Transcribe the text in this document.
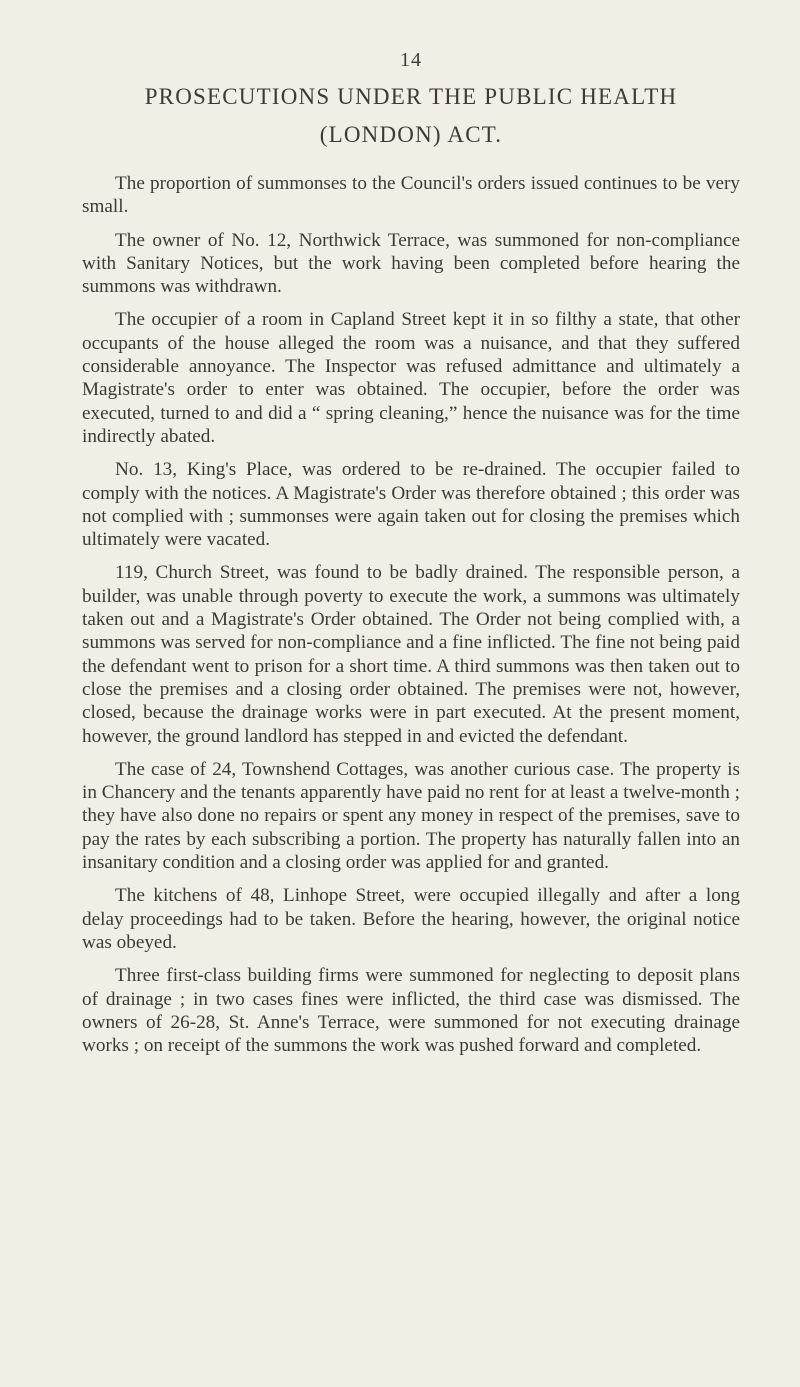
14
PROSECUTIONS UNDER THE PUBLIC HEALTH
(LONDON) ACT.

The proportion of summonses to the Council's orders issued continues to be very small.

The owner of No. 12, Northwick Terrace, was summoned for non-compliance with Sanitary Notices, but the work having been completed before hearing the summons was withdrawn.

The occupier of a room in Capland Street kept it in so filthy a state, that other occupants of the house alleged the room was a nuisance, and that they suffered considerable annoyance. The Inspector was refused admittance and ultimately a Magistrate's order to enter was obtained. The occupier, before the order was executed, turned to and did a “ spring cleaning,” hence the nuisance was for the time indirectly abated.

No. 13, King's Place, was ordered to be re-drained. The occupier failed to comply with the notices. A Magistrate's Order was therefore obtained ; this order was not complied with ; summonses were again taken out for closing the premises which ultimately were vacated.

119, Church Street, was found to be badly drained. The responsible person, a builder, was unable through poverty to execute the work, a summons was ultimately taken out and a Magistrate's Order obtained. The Order not being complied with, a summons was served for non-compliance and a fine inflicted. The fine not being paid the defendant went to prison for a short time. A third summons was then taken out to close the premises and a closing order obtained. The premises were not, however, closed, because the drainage works were in part executed. At the present moment, however, the ground landlord has stepped in and evicted the defendant.

The case of 24, Townshend Cottages, was another curious case. The property is in Chancery and the tenants apparently have paid no rent for at least a twelve-month ; they have also done no repairs or spent any money in respect of the premises, save to pay the rates by each subscribing a portion. The property has naturally fallen into an insanitary condition and a closing order was applied for and granted.

The kitchens of 48, Linhope Street, were occupied illegally and after a long delay proceedings had to be taken. Before the hearing, however, the original notice was obeyed.

Three first-class building firms were summoned for neglecting to deposit plans of drainage ; in two cases fines were inflicted, the third case was dismissed. The owners of 26-28, St. Anne's Terrace, were summoned for not executing drainage works ; on receipt of the summons the work was pushed forward and completed.
